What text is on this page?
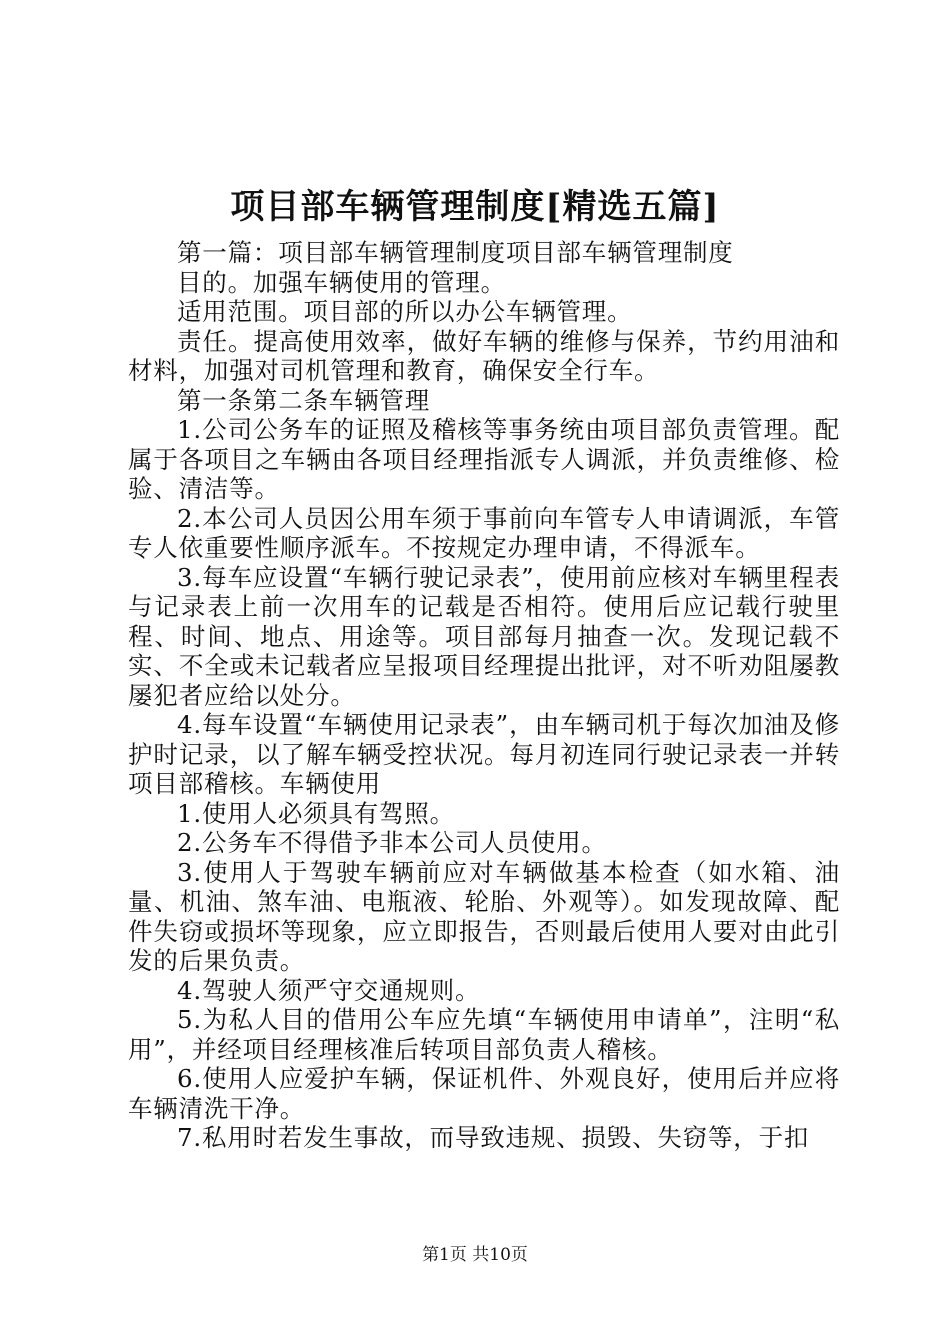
项目部车辆管理制度[精选五篇]

第一篇：项目部车辆管理制度项目部车辆管理制度

目的。加强车辆使用的管理。

适用范围。项目部的所以办公车辆管理。

责任。提高使用效率，做好车辆的维修与保养，节约用油和材料，加强对司机管理和教育，确保安全行车。

第一条第二条车辆管理

1.公司公务车的证照及稽核等事务统由项目部负责管理。配属于各项目之车辆由各项目经理指派专人调派，并负责维修、检验、清洁等。

2.本公司人员因公用车须于事前向车管专人申请调派，车管专人依重要性顺序派车。不按规定办理申请，不得派车。

3.每车应设置“车辆行驶记录表”，使用前应核对车辆里程表与记录表上前一次用车的记载是否相符。使用后应记载行驶里程、时间、地点、用途等。项目部每月抽查一次。发现记载不实、不全或未记载者应呈报项目经理提出批评，对不听劝阻屡教屡犯者应给以处分。

4.每车设置“车辆使用记录表”，由车辆司机于每次加油及修护时记录，以了解车辆受控状况。每月初连同行驶记录表一并转项目部稽核。车辆使用

1.使用人必须具有驾照。

2.公务车不得借予非本公司人员使用。

3.使用人于驾驶车辆前应对车辆做基本检查（如水箱、油量、机油、煞车油、电瓶液、轮胎、外观等）。如发现故障、配件失窃或损坏等现象，应立即报告，否则最后使用人要对由此引发的后果负责。

4.驾驶人须严守交通规则。

5.为私人目的借用公车应先填“车辆使用申请单”，注明“私用”，并经项目经理核准后转项目部负责人稽核。

6.使用人应爱护车辆，保证机件、外观良好，使用后并应将车辆清洗干净。

7.私用时若发生事故，而导致违规、损毁、失窃等，于扣

第1页 共10页
